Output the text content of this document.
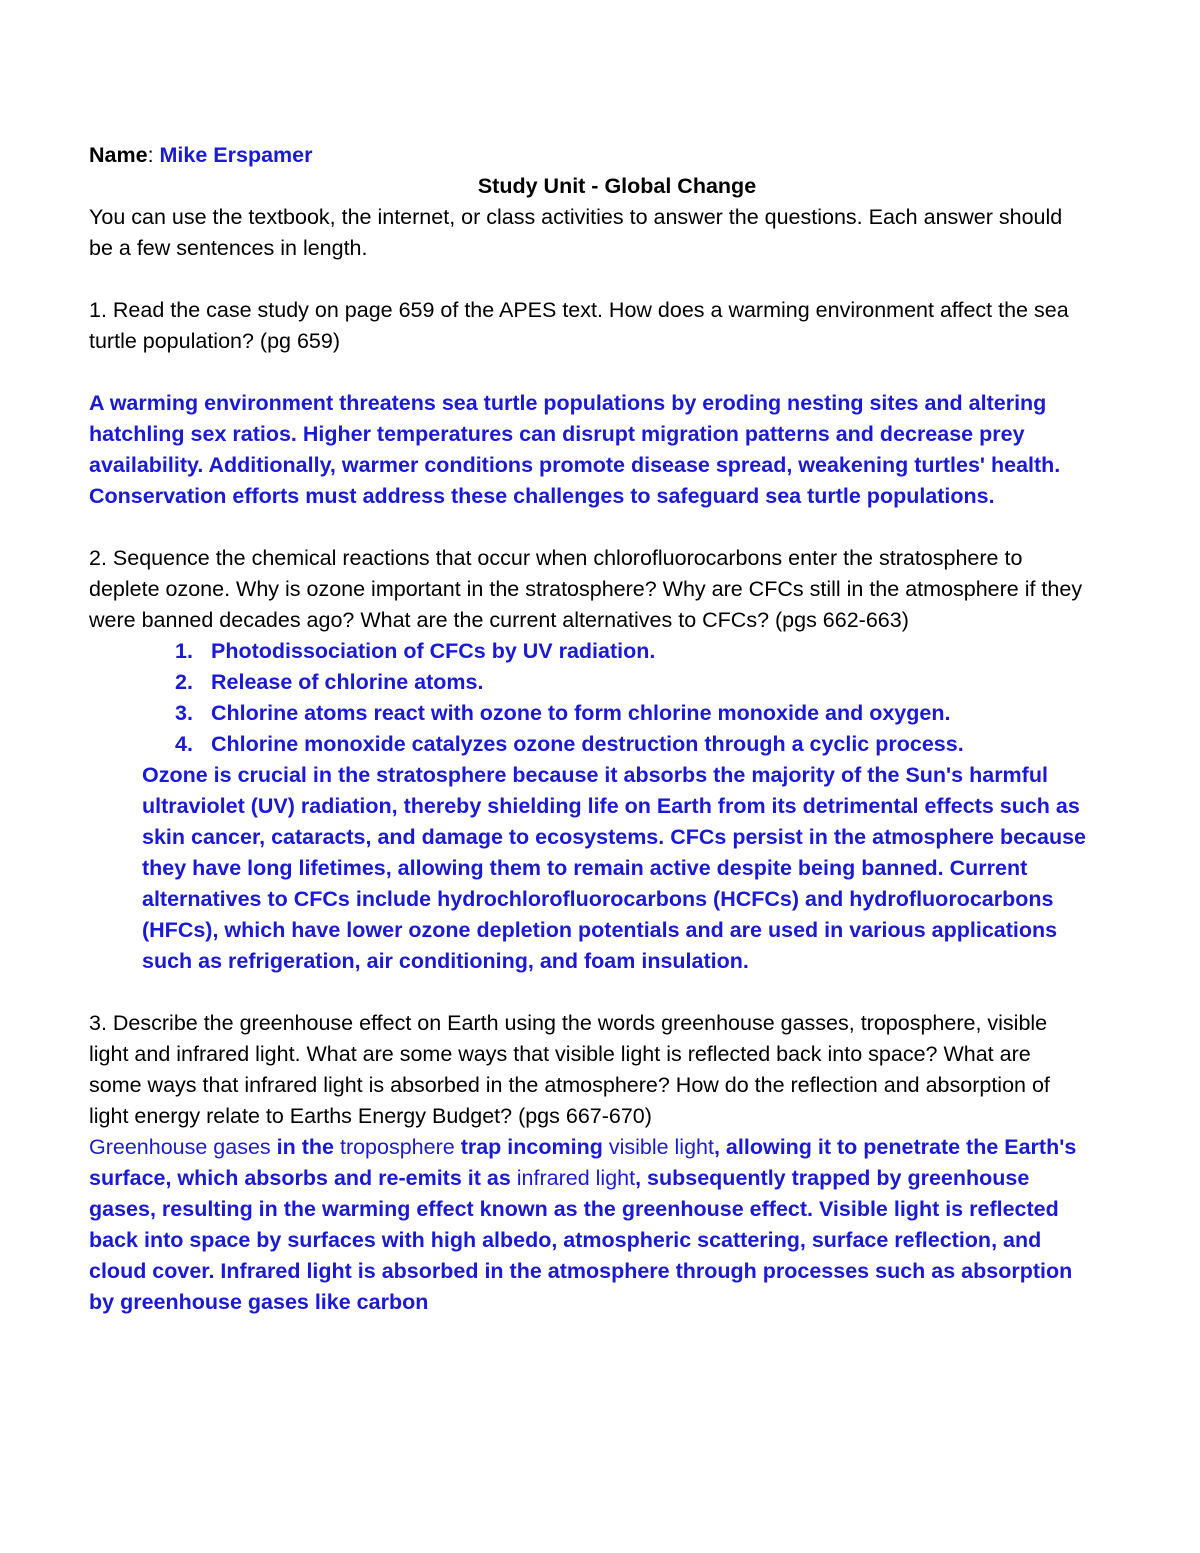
Name: Mike Erspamer

Study Unit - Global Change

You can use the textbook, the internet, or class activities to answer the questions. Each answer should be a few sentences in length.

1. Read the case study on page 659 of the APES text. How does a warming environment affect the sea turtle population? (pg 659)

A warming environment threatens sea turtle populations by eroding nesting sites and altering hatchling sex ratios. Higher temperatures can disrupt migration patterns and decrease prey availability. Additionally, warmer conditions promote disease spread, weakening turtles' health. Conservation efforts must address these challenges to safeguard sea turtle populations.

2. Sequence the chemical reactions that occur when chlorofluorocarbons enter the stratosphere to deplete ozone. Why is ozone important in the stratosphere? Why are CFCs still in the atmosphere if they were banned decades ago? What are the current alternatives to CFCs? (pgs 662-663)

1. Photodissociation of CFCs by UV radiation.
2. Release of chlorine atoms.
3. Chlorine atoms react with ozone to form chlorine monoxide and oxygen.
4. Chlorine monoxide catalyzes ozone destruction through a cyclic process.

Ozone is crucial in the stratosphere because it absorbs the majority of the Sun's harmful ultraviolet (UV) radiation, thereby shielding life on Earth from its detrimental effects such as skin cancer, cataracts, and damage to ecosystems. CFCs persist in the atmosphere because they have long lifetimes, allowing them to remain active despite being banned. Current alternatives to CFCs include hydrochlorofluorocarbons (HCFCs) and hydrofluorocarbons (HFCs), which have lower ozone depletion potentials and are used in various applications such as refrigeration, air conditioning, and foam insulation.

3. Describe the greenhouse effect on Earth using the words greenhouse gasses, troposphere, visible light and infrared light. What are some ways that visible light is reflected back into space? What are some ways that infrared light is absorbed in the atmosphere? How do the reflection and absorption of light energy relate to Earths Energy Budget? (pgs 667-670)

Greenhouse gases in the troposphere trap incoming visible light, allowing it to penetrate the Earth's surface, which absorbs and re-emits it as infrared light, subsequently trapped by greenhouse gases, resulting in the warming effect known as the greenhouse effect. Visible light is reflected back into space by surfaces with high albedo, atmospheric scattering, surface reflection, and cloud cover. Infrared light is absorbed in the atmosphere through processes such as absorption by greenhouse gases like carbon
